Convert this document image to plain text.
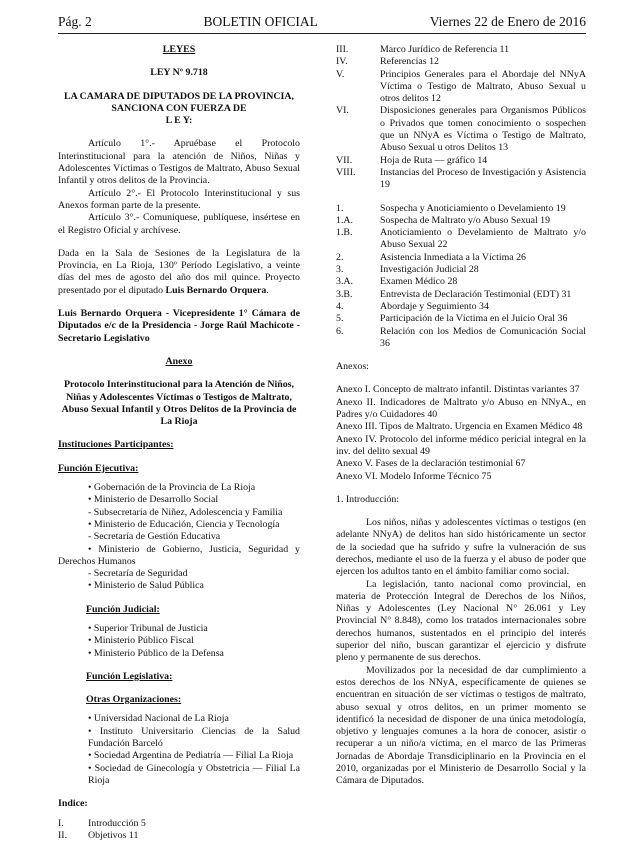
Pág. 2	BOLETIN OFICIAL	Viernes 22 de Enero de 2016

LEYES

LEY Nº 9.718

LA CAMARA DE DIPUTADOS DE LA PROVINCIA,

SANCIONA CON FUERZA DE

L E Y:

Artículo 1°.- Apruébase el Protocolo Interinstitucional para la atención de Niños, Niñas y Adolescentes Víctimas o Testigos de Maltrato, Abuso Sexual Infantil y otros delitos de la Provincia.

Artículo 2°.- El Protocolo Interinstitucional y sus Anexos forman parte de la presente.

Artículo 3°.- Comuníquese, publíquese, insértese en el Registro Oficial y archívese.

Dada en la Sala de Sesiones de la Legislatura de la Provincia, en La Rioja, 130º Período Legislativo, a veinte días del mes de agosto del año dos mil quince. Proyecto presentado por el diputado Luis Bernardo Orquera.

Luis Bernardo Orquera - Vicepresidente 1° Cámara de Diputados e/c de la Presidencia - Jorge Raúl Machicote - Secretario Legislativo

Anexo

Protocolo Interinstitucional para la Atención de Niños, Niñas y Adolescentes Víctimas o Testigos de Maltrato, Abuso Sexual Infantil y Otros Delitos de la Provincia de La Rioja

Instituciones Participantes:

Función Ejecutiva:

• Gobernación de la Provincia de La Rioja

• Ministerio de Desarrollo Social

- Subsecretaría de Niñez, Adolescencia y Familia

• Ministerio de Educación, Ciencia y Tecnología

- Secretaría de Gestión Educativa

• Ministerio de Gobierno, Justicia, Seguridad y Derechos Humanos

- Secretaría de Seguridad

• Ministerio de Salud Pública

Función Judicial:

• Superior Tribunal de Justicia

• Ministerio Público Fiscal

• Ministerio Público de la Defensa

Función Legislativa:

Otras Organizaciones:

• Universidad Nacional de La Rioja

• Instituto Universitario Ciencias de la Salud Fundación Barceló

• Sociedad Argentina de Pediatría — Filial La Rioja

• Sociedad de Ginecología y Obstetricia — Filial La Rioja

Indice:

I.	Introducción 5
II.	Objetivos 11
III.	Marco Jurídico de Referencia 11
IV.	Referencias 12
V.	Principios Generales para el Abordaje del NNyA Víctima o Testigo de Maltrato, Abuso Sexual u otros delitos 12
VI.	Disposiciones generales para Organismos Públicos o Privados que tomen conocimiento o sospechen que un NNyA es Víctima o Testigo de Maltrato, Abuso Sexual u otros Delitos 13
VII.	Hoja de Ruta — gráfico 14
VIII.	Instancias del Proceso de Investigación y Asistencia 19
1.	Sospecha y Anoticiamiento o Develamiento 19
1.A.	Sospecha de Maltrato y/o Abuso Sexual 19
1.B.	Anoticiamiento o Develamiento de Maltrato y/o Abuso Sexual 22
2.	Asistencia Inmediata a la Víctima 26
3.	Investigación Judicial 28
3.A.	Examen Médico 28
3.B.	Entrevista de Declaración Testimonial (EDT) 31
4.	Abordaje y Seguimiento 34
5.	Participación de la Víctima en el Juicio Oral 36
6.	Relación con los Medios de Comunicación Social 36

Anexos:

Anexo I. Concepto de maltrato infantil. Distintas variantes 37

Anexo II. Indicadores de Maltrato y/o Abuso en NNyA., en Padres y/o Cuidadores 40

Anexo III. Tipos de Maltrato. Urgencia en Examen Médico 48

Anexo IV. Protocolo del informe médico pericial integral en la inv. del delito sexual 49

Anexo V. Fases de la declaración testimonial 67

Anexo VI. Modelo Informe Técnico 75

1. Introducción:

Los niños, niñas y adolescentes víctimas o testigos (en adelante NNyA) de delitos han sido históricamente un sector de la sociedad que ha sufrido y sufre la vulneración de sus derechos, mediante el uso de la fuerza y el abuso de poder que ejercen los adultos tanto en el ámbito familiar como social.

La legislación, tanto nacional como provincial, en materia de Protección Integral de Derechos de los Niños, Niñas y Adolescentes (Ley Nacional N° 26.061 y Ley Provincial N° 8.848), como los tratados internacionales sobre derechos humanos, sustentados en el principio del interés superior del niño, buscan garantizar el ejercicio y disfrute pleno y permanente de sus derechos.

Movilizados por la necesidad de dar cumplimiento a estos derechos de los NNyA, específicamente de quienes se encuentran en situación de ser víctimas o testigos de maltrato, abuso sexual y otros delitos, en un primer momento se identificó la necesidad de disponer de una única metodología, objetivo y lenguajes comunes a la hora de conocer, asistir o recuperar a un niño/a víctima, en el marco de las Primeras Jornadas de Abordaje Transdiciplinario en la Provincia en el 2010, organizadas por el Ministerio de Desarrollo Social y la Cámara de Diputados.
